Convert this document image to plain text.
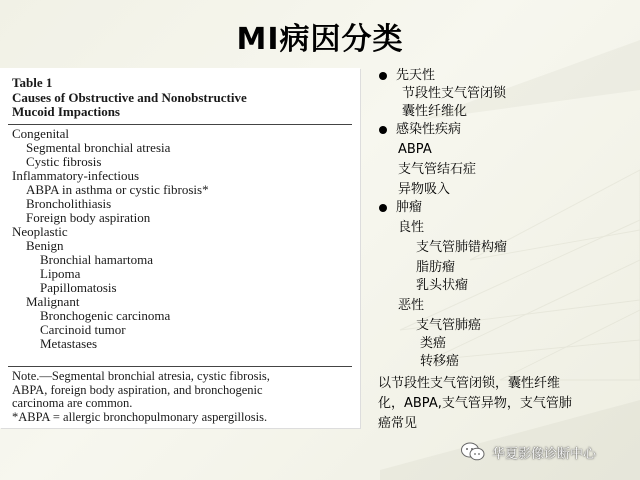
MI病因分类
Table 1
Causes of Obstructive and Nonobstructive
Mucoid Impactions
Congenital
Segmental bronchial atresia
Cystic fibrosis
Inflammatory-infectious
ABPA in asthma or cystic fibrosis*
Broncholithiasis
Foreign body aspiration
Neoplastic
Benign
Bronchial hamartoma
Lipoma
Papillomatosis
Malignant
Bronchogenic carcinoma
Carcinoid tumor
Metastases
Note.—Segmental bronchial atresia, cystic fibrosis,
ABPA, foreign body aspiration, and bronchogenic
carcinoma are common.
*ABPA = allergic bronchopulmonary aspergillosis.
先天性
节段性支气管闭锁
囊性纤维化
感染性疾病
ABPA
支气管结石症
异物吸入
肿瘤
良性
支气管肺错构瘤
脂肪瘤
乳头状瘤
恶性
支气管肺癌
类癌
转移癌
以节段性支气管闭锁，囊性纤维
化，ABPA,支气管异物，支气管肺
癌常见
华夏影像诊断中心
